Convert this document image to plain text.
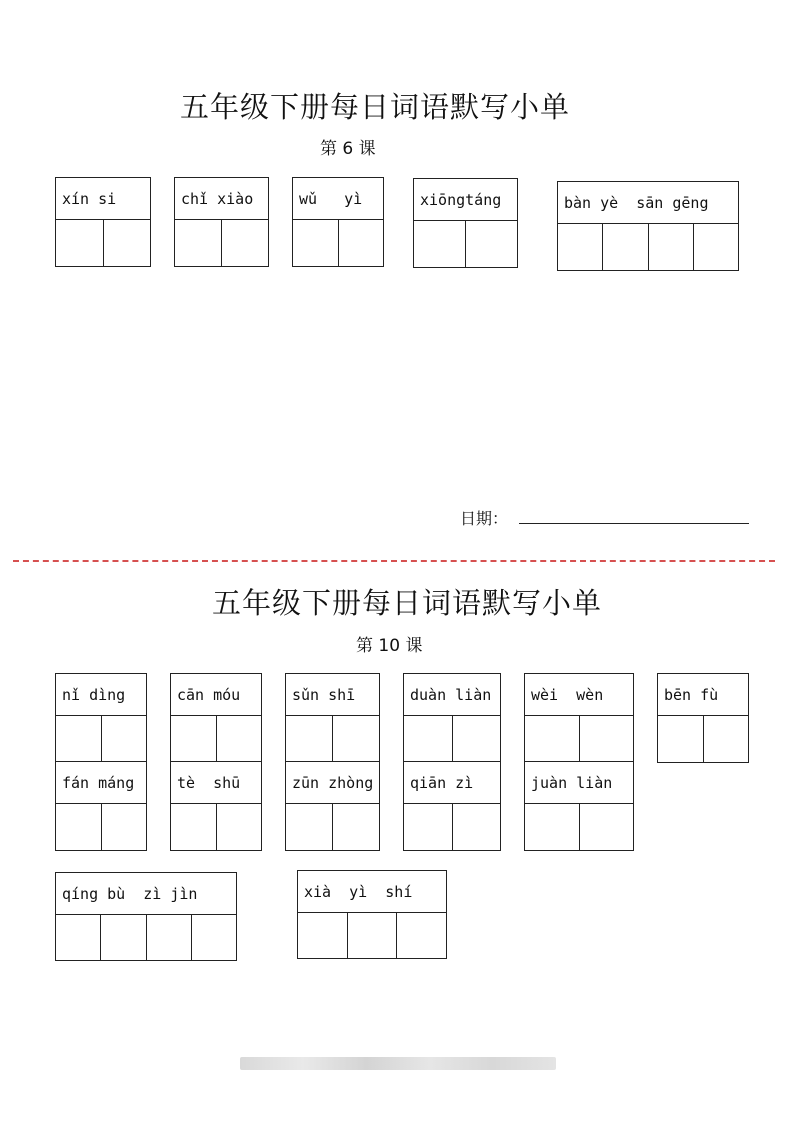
五年级下册每日词语默写小单
第 6 课
xín si	chǐ xiào	wǔ   yì	xiōngtáng	bàn yè  sān gēng
日期：
五年级下册每日词语默写小单
第 10 课
nǐ dìng	cān móu	sǔn shī	duàn liàn	wèi  wèn	bēn fù
fán máng	tè  shū	zūn zhòng	qiān zì	juàn liàn
qíng bù  zì jìn	xià  yì  shí
